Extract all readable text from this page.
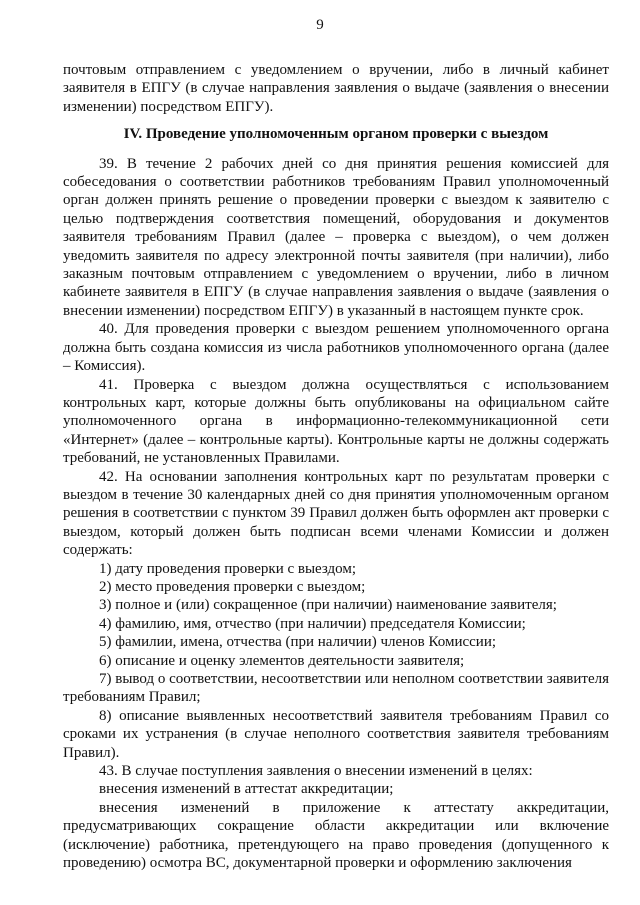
9

почтовым отправлением с уведомлением о вручении, либо в личный кабинет заявителя в ЕПГУ (в случае направления заявления о выдаче (заявления о внесении изменении) посредством ЕПГУ).

IV. Проведение уполномоченным органом проверки с выездом

39. В течение 2 рабочих дней со дня принятия решения комиссией для собеседования о соответствии работников требованиям Правил уполномоченный орган должен принять решение о проведении проверки с выездом к заявителю с целью подтверждения соответствия помещений, оборудования и документов заявителя требованиям Правил (далее – проверка с выездом), о чем должен уведомить заявителя по адресу электронной почты заявителя (при наличии), либо заказным почтовым отправлением с уведомлением о вручении, либо в личном кабинете заявителя в ЕПГУ (в случае направления заявления о выдаче (заявления о внесении изменении) посредством ЕПГУ) в указанный в настоящем пункте срок.

40. Для проведения проверки с выездом решением уполномоченного органа должна быть создана комиссия из числа работников уполномоченного органа (далее – Комиссия).

41. Проверка с выездом должна осуществляться с использованием контрольных карт, которые должны быть опубликованы на официальном сайте уполномоченного органа в информационно-телекоммуникационной сети «Интернет» (далее – контрольные карты). Контрольные карты не должны содержать требований, не установленных Правилами.

42. На основании заполнения контрольных карт по результатам проверки с выездом в течение 30 календарных дней со дня принятия уполномоченным органом решения в соответствии с пунктом 39 Правил должен быть оформлен акт проверки с выездом, который должен быть подписан всеми членами Комиссии и должен содержать:

1) дату проведения проверки с выездом;

2) место проведения проверки с выездом;

3) полное и (или) сокращенное (при наличии) наименование заявителя;

4) фамилию, имя, отчество (при наличии) председателя Комиссии;

5) фамилии, имена, отчества (при наличии) членов Комиссии;

6) описание и оценку элементов деятельности заявителя;

7) вывод о соответствии, несоответствии или неполном соответствии заявителя требованиям Правил;

8) описание выявленных несоответствий заявителя требованиям Правил со сроками их устранения (в случае неполного соответствия заявителя требованиям Правил).

43. В случае поступления заявления о внесении изменений в целях:

внесения изменений в аттестат аккредитации;

внесения изменений в приложение к аттестату аккредитации, предусматривающих сокращение области аккредитации или включение (исключение) работника, претендующего на право проведения (допущенного к проведению) осмотра ВС, документарной проверки и оформлению заключения
